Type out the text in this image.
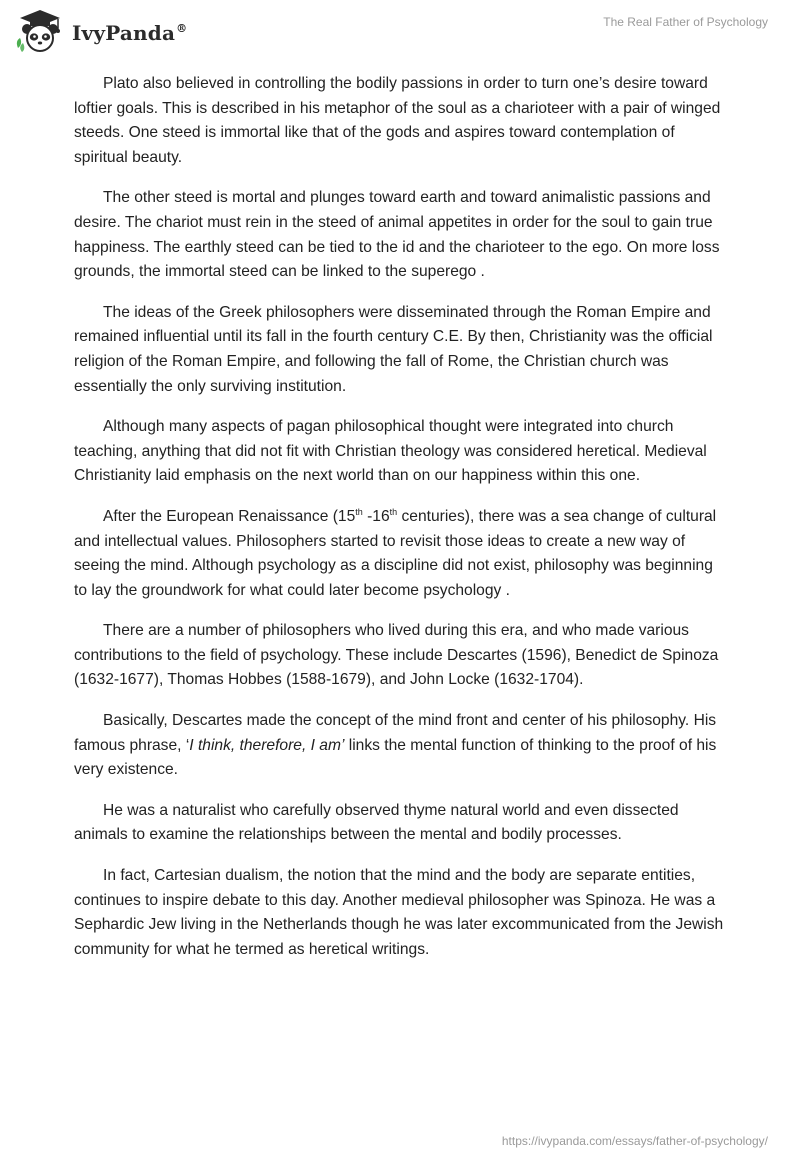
IvyPanda®	The Real Father of Psychology

Plato also believed in controlling the bodily passions in order to turn one’s desire toward loftier goals. This is described in his metaphor of the soul as a charioteer with a pair of winged steeds. One steed is immortal like that of the gods and aspires toward contemplation of spiritual beauty.

The other steed is mortal and plunges toward earth and toward animalistic passions and desire. The chariot must rein in the steed of animal appetites in order for the soul to gain true happiness. The earthly steed can be tied to the id and the charioteer to the ego. On more loss grounds, the immortal steed can be linked to the superego .

The ideas of the Greek philosophers were disseminated through the Roman Empire and remained influential until its fall in the fourth century C.E. By then, Christianity was the official religion of the Roman Empire, and following the fall of Rome, the Christian church was essentially the only surviving institution.

Although many aspects of pagan philosophical thought were integrated into church teaching, anything that did not fit with Christian theology was considered heretical. Medieval Christianity laid emphasis on the next world than on our happiness within this one.

After the European Renaissance (15th -16th centuries), there was a sea change of cultural and intellectual values. Philosophers started to revisit those ideas to create a new way of seeing the mind. Although psychology as a discipline did not exist, philosophy was beginning to lay the groundwork for what could later become psychology .

There are a number of philosophers who lived during this era, and who made various contributions to the field of psychology. These include Descartes (1596), Benedict de Spinoza (1632-1677), Thomas Hobbes (1588-1679), and John Locke (1632-1704).

Basically, Descartes made the concept of the mind front and center of his philosophy. His famous phrase, ‘I think, therefore, I am’ links the mental function of thinking to the proof of his very existence.

He was a naturalist who carefully observed thyme natural world and even dissected animals to examine the relationships between the mental and bodily processes.

In fact, Cartesian dualism, the notion that the mind and the body are separate entities, continues to inspire debate to this day. Another medieval philosopher was Spinoza. He was a Sephardic Jew living in the Netherlands though he was later excommunicated from the Jewish community for what he termed as heretical writings.

https://ivypanda.com/essays/father-of-psychology/
